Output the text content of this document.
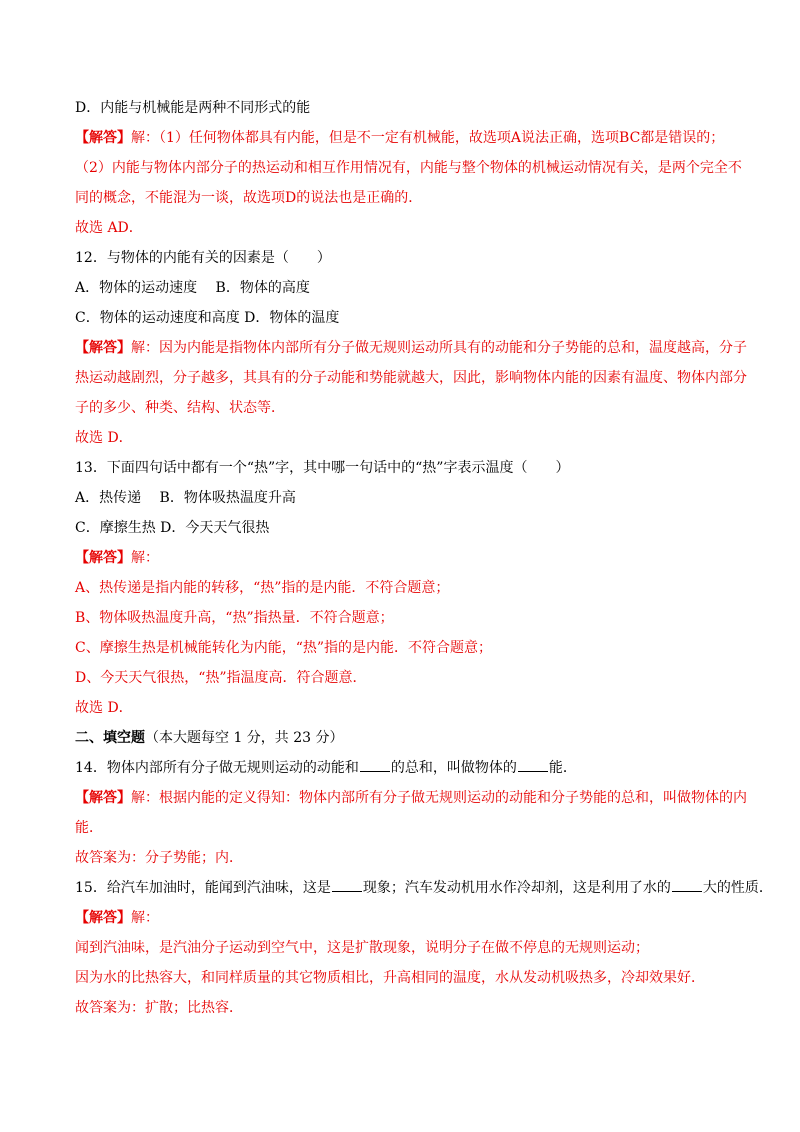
D．内能与机械能是两种不同形式的能
【解答】解：（1）任何物体都具有内能，但是不一定有机械能，故选项A说法正确，选项BC都是错误的；
（2）内能与物体内部分子的热运动和相互作用情况有，内能与整个物体的机械运动情况有关，是两个完全不
同的概念，不能混为一谈，故选项D的说法也是正确的．
故选 AD．
12．与物体的内能有关的因素是（　　）
A．物体的运动速度　 B．物体的高度
C．物体的运动速度和高度 D．物体的温度
【解答】解：因为内能是指物体内部所有分子做无规则运动所具有的动能和分子势能的总和，温度越高，分子
热运动越剧烈，分子越多，其具有的分子动能和势能就越大，因此，影响物体内能的因素有温度、物体内部分
子的多少、种类、结构、状态等．
故选 D．
13．下面四句话中都有一个“热”字，其中哪一句话中的“热”字表示温度（　　）
A．热传递　 B．物体吸热温度升高
C．摩擦生热 D．今天天气很热
【解答】解：
A、热传递是指内能的转移，“热”指的是内能．不符合题意；
B、物体吸热温度升高，“热”指热量．不符合题意；
C、摩擦生热是机械能转化为内能，“热”指的是内能．不符合题意；
D、今天天气很热，“热”指温度高．符合题意．
故选 D．
二、填空题（本大题每空 1 分，共 23 分）
14．物体内部所有分子做无规则运动的动能和 的总和，叫做物体的 能．
【解答】解：根据内能的定义得知：物体内部所有分子做无规则运动的动能和分子势能的总和，叫做物体的内
能．
故答案为：分子势能；内．
15．给汽车加油时，能闻到汽油味，这是 现象；汽车发动机用水作冷却剂，这是利用了水的 大的性质．
【解答】解：
闻到汽油味，是汽油分子运动到空气中，这是扩散现象，说明分子在做不停息的无规则运动；
因为水的比热容大，和同样质量的其它物质相比，升高相同的温度，水从发动机吸热多，冷却效果好．
故答案为：扩散；比热容．
